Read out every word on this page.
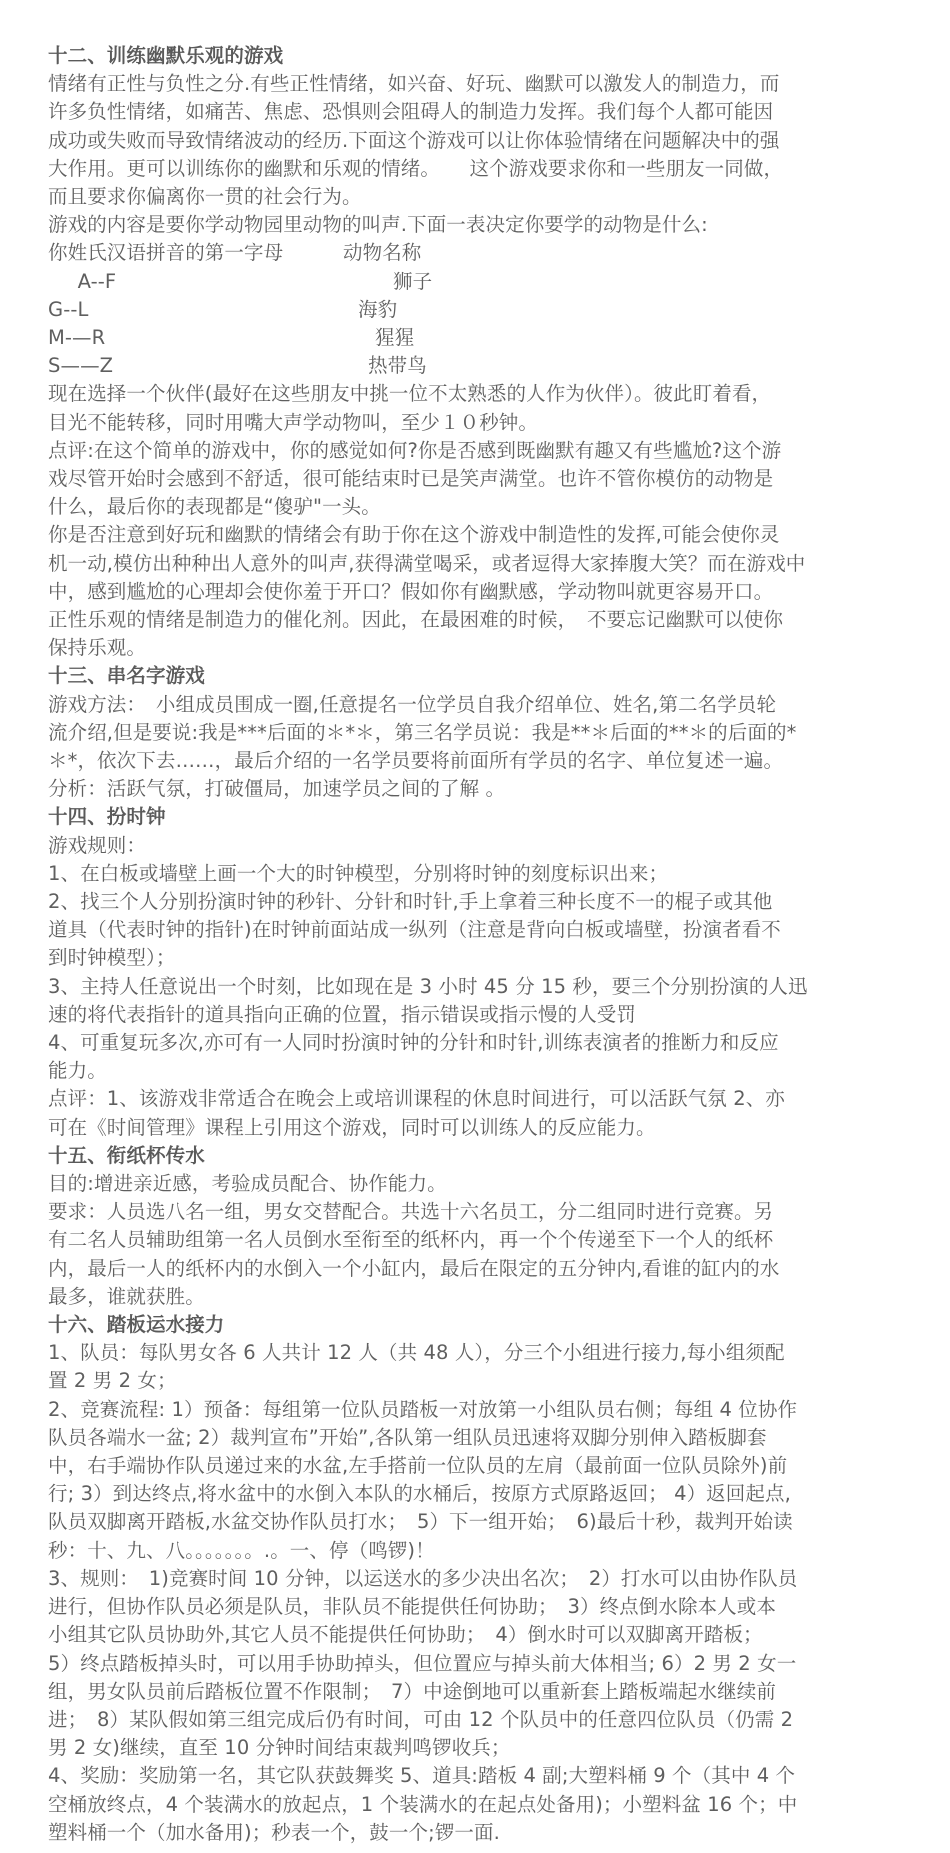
十二、训练幽默乐观的游戏
情绪有正性与负性之分.有些正性情绪，如兴奋、好玩、幽默可以激发人的制造力，而
许多负性情绪，如痛苦、焦虑、恐惧则会阻碍人的制造力发挥。我们每个人都可能因
成功或失败而导致情绪波动的经历.下面这个游戏可以让你体验情绪在问题解决中的强
大作用。更可以训练你的幽默和乐观的情绪。　　这个游戏要求你和一些朋友一同做，
而且要求你偏离你一贯的社会行为。
游戏的内容是要你学动物园里动物的叫声.下面一表决定你要学的动物是什么:
你姓氏汉语拼音的第一字母	动物名称
　A--F	狮子
G--L	海豹
M-—R	猩猩
S——Z	热带鸟
现在选择一个伙伴(最好在这些朋友中挑一位不太熟悉的人作为伙伴）。彼此盯着看，
目光不能转移，同时用嘴大声学动物叫，至少１０秒钟。
点评:在这个简单的游戏中，你的感觉如何?你是否感到既幽默有趣又有些尴尬?这个游
戏尽管开始时会感到不舒适，很可能结束时已是笑声满堂。也许不管你模仿的动物是
什么，最后你的表现都是“傻驴"一头。
你是否注意到好玩和幽默的情绪会有助于你在这个游戏中制造性的发挥,可能会使你灵
机一动,模仿出种种出人意外的叫声,获得满堂喝采，或者逗得大家捧腹大笑？而在游戏中
中，感到尴尬的心理却会使你羞于开口？假如你有幽默感，学动物叫就更容易开口。
正性乐观的情绪是制造力的催化剂。因此，在最困难的时候，　不要忘记幽默可以使你
保持乐观。
十三、串名字游戏
游戏方法：　小组成员围成一圈,任意提名一位学员自我介绍单位、姓名,第二名学员轮
流介绍,但是要说:我是***后面的＊*＊，第三名学员说：我是**＊后面的**＊的后面的*
＊*，依次下去……，最后介绍的一名学员要将前面所有学员的名字、单位复述一遍。
分析：活跃气氛，打破僵局，加速学员之间的了解 。
十四、扮时钟
游戏规则：
1、在白板或墙壁上画一个大的时钟模型，分别将时钟的刻度标识出来；
2、找三个人分别扮演时钟的秒针、分针和时针,手上拿着三种长度不一的棍子或其他
道具（代表时钟的指针)在时钟前面站成一纵列（注意是背向白板或墙壁，扮演者看不
到时钟模型）；
3、主持人任意说出一个时刻，比如现在是 3 小时 45 分 15 秒，要三个分别扮演的人迅
速的将代表指针的道具指向正确的位置，指示错误或指示慢的人受罚
4、可重复玩多次,亦可有一人同时扮演时钟的分针和时针,训练表演者的推断力和反应
能力。
点评：1、该游戏非常适合在晚会上或培训课程的休息时间进行，可以活跃气氛 2、亦
可在《时间管理》课程上引用这个游戏，同时可以训练人的反应能力。
十五、衔纸杯传水
目的:增进亲近感，考验成员配合、协作能力。
要求：人员选八名一组，男女交替配合。共选十六名员工，分二组同时进行竞赛。另
有二名人员辅助组第一名人员倒水至衔至的纸杯内，再一个个传递至下一个人的纸杯
内，最后一人的纸杯内的水倒入一个小缸内，最后在限定的五分钟内,看谁的缸内的水
最多，谁就获胜。
十六、踏板运水接力
1、队员：每队男女各 6 人共计 12 人（共 48 人），分三个小组进行接力,每小组须配
置 2 男 2 女；
2、竞赛流程: 1）预备：每组第一位队员踏板一对放第一小组队员右侧；每组 4 位协作
队员各端水一盆; 2）裁判宣布”开始”,各队第一组队员迅速将双脚分别伸入踏板脚套
中，右手端协作队员递过来的水盆,左手搭前一位队员的左肩（最前面一位队员除外)前
行; 3）到达终点,将水盆中的水倒入本队的水桶后，按原方式原路返回； 4）返回起点,
队员双脚离开踏板,水盆交协作队员打水；　5）下一组开始；　6)最后十秒，裁判开始读
秒：十、九、八。。。。。。。.。一、停（鸣锣)！
3、规则：　1)竞赛时间 10 分钟，以运送水的多少决出名次；　2）打水可以由协作队员
进行，但协作队员必须是队员，非队员不能提供任何协助；　3）终点倒水除本人或本
小组其它队员协助外,其它人员不能提供任何协助；　4）倒水时可以双脚离开踏板；
5）终点踏板掉头时，可以用手协助掉头，但位置应与掉头前大体相当; 6）2 男 2 女一
组，男女队员前后踏板位置不作限制；　7）中途倒地可以重新套上踏板端起水继续前
进；　8）某队假如第三组完成后仍有时间，可由 12 个队员中的任意四位队员（仍需 2
男 2 女)继续，直至 10 分钟时间结束裁判鸣锣收兵；
4、奖励：奖励第一名，其它队获鼓舞奖 5、道具:踏板 4 副;大塑料桶 9 个（其中 4 个
空桶放终点，4 个装满水的放起点，1 个装满水的在起点处备用)；小塑料盆 16 个；中
塑料桶一个（加水备用)；秒表一个，鼓一个;锣一面.
